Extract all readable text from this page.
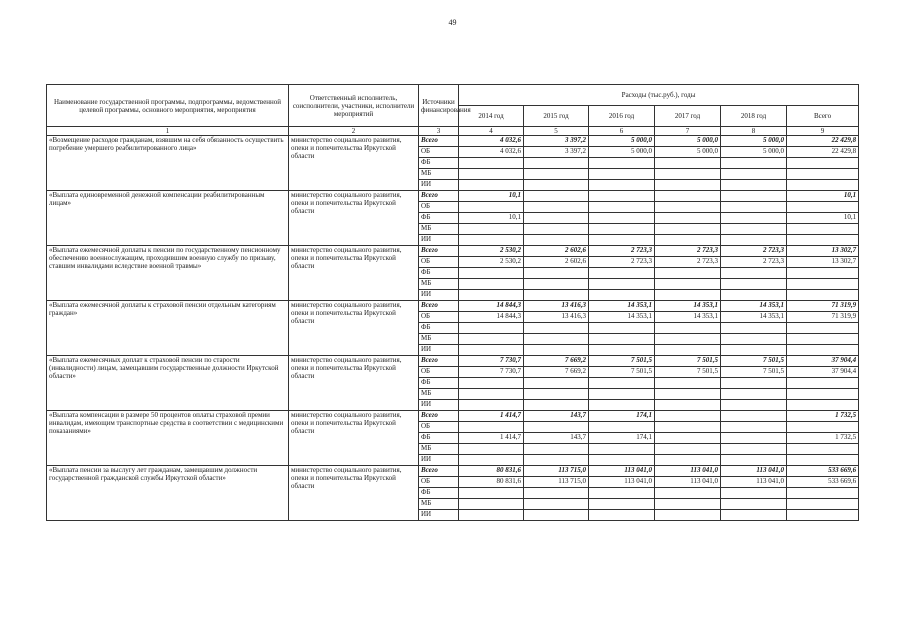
49
Наименование государственной программы, подпрограммы, ведомственной целевой программы, основного мероприятия, мероприятия	Ответственный исполнитель, соисполнители, участники, исполнители мероприятий	Источники финансирования	Расходы (тыс.руб.), годы					
			2014 год	2015 год	2016 год	2017 год	2018 год	Всего
1	2	3	4	5	6	7	8	9
«Возмещение расходов гражданам, взявшим на себя обязанность осуществить погребение умершего реабилитированного лица»	министерство социального развития, опеки и попечительства Иркутской области	Всего	4 032,6	3 397,2	5 000,0	5 000,0	5 000,0	22 429,8
		ОБ	4 032,6	3 397,2	5 000,0	5 000,0	5 000,0	22 429,8
		ФБ						
		МБ						
		ИИ						
«Выплата единовременной денежной компенсации реабилитированным лицам»	министерство социального развития, опеки и попечительства Иркутской области	Всего	10,1					10,1
		ОБ						
		ФБ	10,1					10,1
		МБ						
		ИИ						
«Выплата ежемесячной доплаты к пенсии по государственному пенсионному обеспечению военнослужащим, проходившим военную службу по призыву, ставшим инвалидами вследствие военной травмы»	министерство социального развития, опеки и попечительства Иркутской области	Всего	2 530,2	2 602,6	2 723,3	2 723,3	2 723,3	13 302,7
		ОБ	2 530,2	2 602,6	2 723,3	2 723,3	2 723,3	13 302,7
		ФБ						
		МБ						
		ИИ						
«Выплата ежемесячной доплаты к страховой пенсии отдельным категориям граждан»	министерство социального развития, опеки и попечительства Иркутской области	Всего	14 844,3	13 416,3	14 353,1	14 353,1	14 353,1	71 319,9
		ОБ	14 844,3	13 416,3	14 353,1	14 353,1	14 353,1	71 319,9
		ФБ						
		МБ						
		ИИ						
«Выплата ежемесячных доплат к страховой пенсии по старости (инвалидности) лицам, замещавшим государственные должности Иркутской области»	министерство социального развития, опеки и попечительства Иркутской области	Всего	7 730,7	7 669,2	7 501,5	7 501,5	7 501,5	37 904,4
		ОБ	7 730,7	7 669,2	7 501,5	7 501,5	7 501,5	37 904,4
		ФБ						
		МБ						
		ИИ						
«Выплата компенсации в размере 50 процентов оплаты страховой премии инвалидам, имеющим транспортные средства в соответствии с медицинскими показаниями»	министерство социального развития, опеки и попечительства Иркутской области	Всего	1 414,7	143,7	174,1			1 732,5
		ОБ						
		ФБ	1 414,7	143,7	174,1			1 732,5
		МБ						
		ИИ						
«Выплата пенсии за выслугу лет гражданам, замещавшим должности государственной гражданской службы Иркутской области»	министерство социального развития, опеки и попечительства Иркутской области	Всего	80 831,6	113 715,0	113 041,0	113 041,0	113 041,0	533 669,6
		ОБ	80 831,6	113 715,0	113 041,0	113 041,0	113 041,0	533 669,6
		ФБ						
		МБ						
		ИИ						
